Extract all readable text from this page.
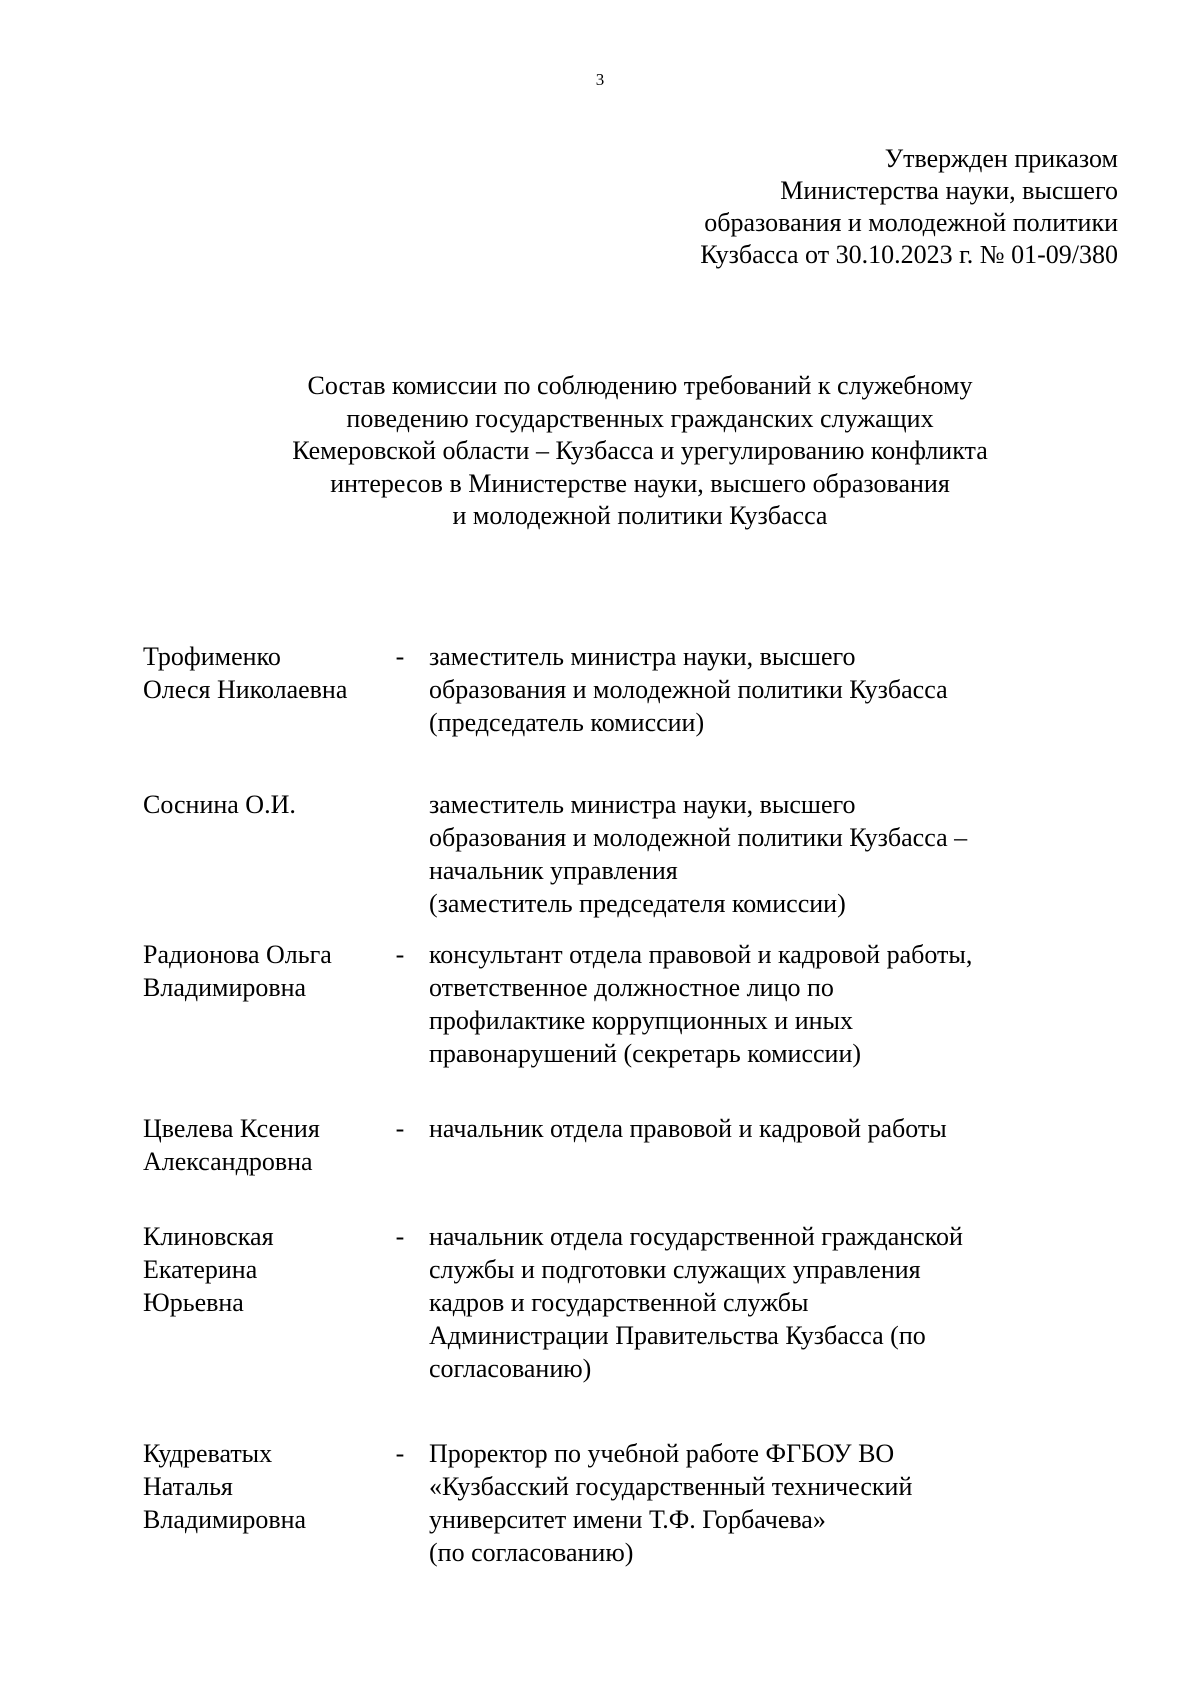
3
Утвержден приказом
Министерства науки, высшего
образования и молодежной политики
Кузбасса от 30.10.2023 г. № 01-09/380
Состав комиссии по соблюдению требований к служебному
поведению государственных гражданских служащих
Кемеровской области – Кузбасса и урегулированию конфликта
интересов в Министерстве науки, высшего образования
и молодежной политики Кузбасса
Трофименко
Олеся Николаевна
- заместитель министра науки, высшего
образования и молодежной политики Кузбасса
(председатель комиссии)
Соснина О.И.	заместитель министра науки, высшего
образования и молодежной политики Кузбасса –
начальник управления
(заместитель председателя комиссии)
Радионова Ольга
Владимировна
- консультант отдела правовой и кадровой работы,
ответственное должностное лицо по
профилактике коррупционных и иных
правонарушений (секретарь комиссии)
Цвелева Ксения
Александровна
- начальник отдела правовой и кадровой работы
Клиновская
Екатерина
Юрьевна
- начальник отдела государственной гражданской
службы и подготовки служащих управления
кадров и государственной службы
Администрации Правительства Кузбасса (по
согласованию)
Кудреватых
Наталья
Владимировна
- Проректор по учебной работе ФГБОУ ВО
«Кузбасский государственный технический
университет имени Т.Ф. Горбачева»
(по согласованию)
